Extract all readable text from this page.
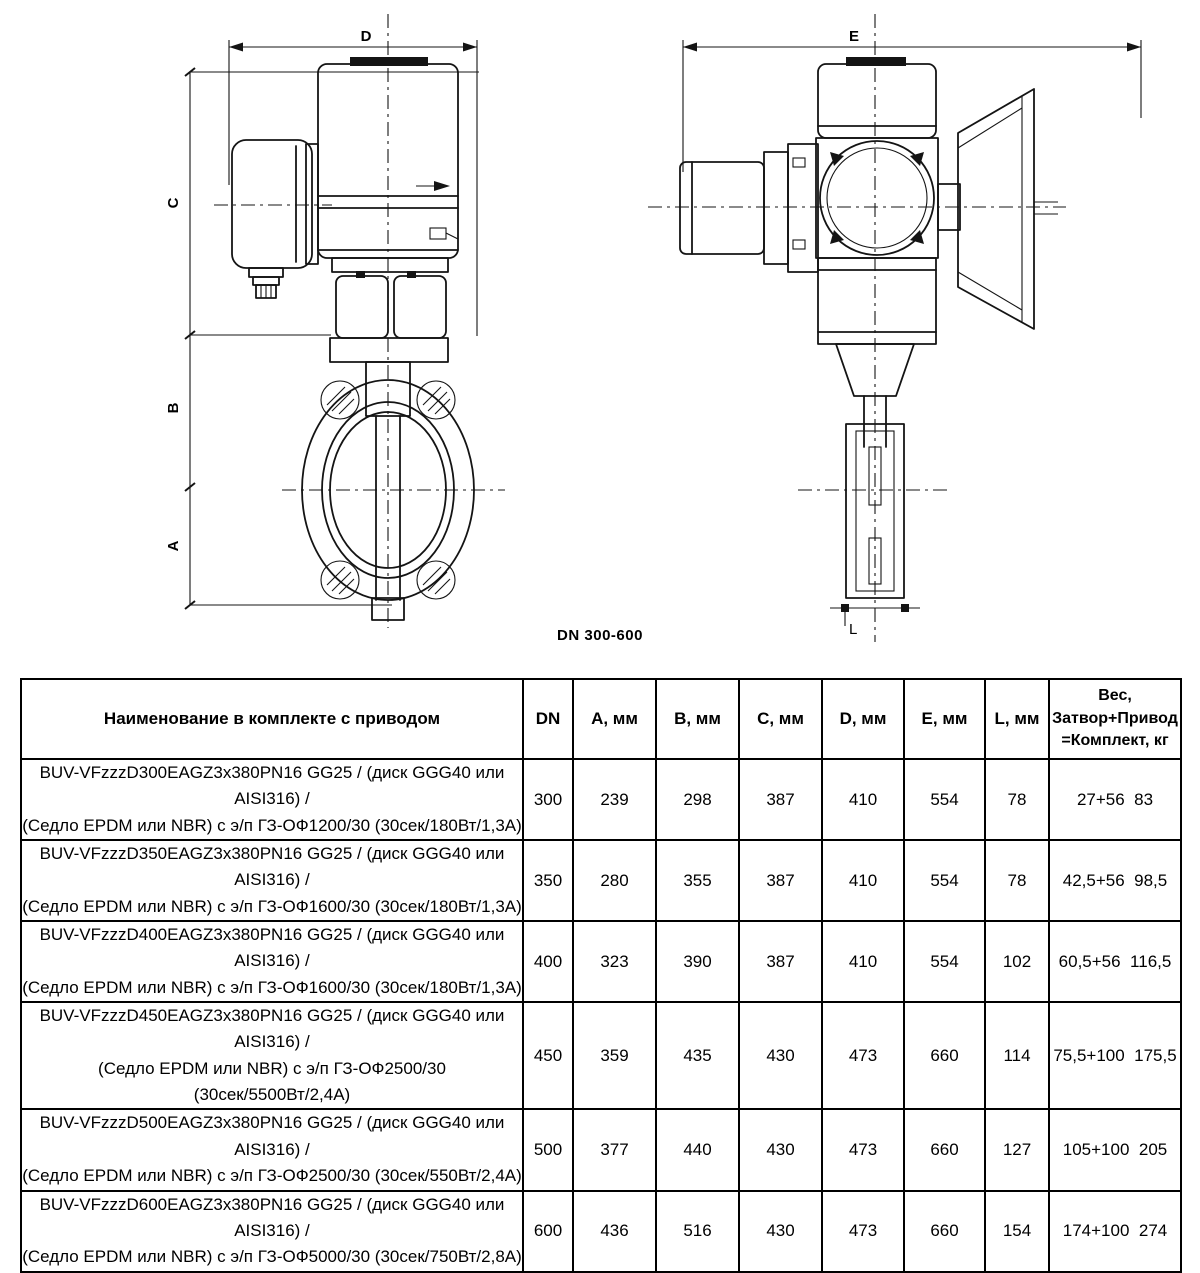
D
C
B
A
E
L
DN 300-600
Наименование в комплекте с приводом	DN	A, мм	B, мм	C, мм	D, мм	E, мм	L, мм	Вес,
Затвор+Привод
=Комплект, кг

BUV-VFzzzD300EAGZ3x380PN16 GG25 / (диск GGG40 или AISI316) /
(Седло EPDM или NBR) с э/п ГЗ-ОФ1200/30 (30сек/180Вт/1,3А)	300	239	298	387	410	554	78	27+56  83

BUV-VFzzzD350EAGZ3x380PN16 GG25 / (диск GGG40 или AISI316) /
(Седло EPDM или NBR) с э/п ГЗ-ОФ1600/30 (30сек/180Вт/1,3А)	350	280	355	387	410	554	78	42,5+56  98,5

BUV-VFzzzD400EAGZ3x380PN16 GG25 / (диск GGG40 или AISI316) /
(Седло EPDM или NBR) с э/п ГЗ-ОФ1600/30 (30сек/180Вт/1,3А)	400	323	390	387	410	554	102	60,5+56  116,5

BUV-VFzzzD450EAGZ3x380PN16 GG25 / (диск GGG40 или AISI316) /
(Седло EPDM или NBR) с э/п ГЗ-ОФ2500/30 (30сек/5500Вт/2,4А)	450	359	435	430	473	660	114	75,5+100  175,5

BUV-VFzzzD500EAGZ3x380PN16 GG25 / (диск GGG40 или AISI316) /
(Седло EPDM или NBR) с э/п ГЗ-ОФ2500/30 (30сек/550Вт/2,4А)	500	377	440	430	473	660	127	105+100  205

BUV-VFzzzD600EAGZ3x380PN16 GG25 / (диск GGG40 или AISI316) /
(Седло EPDM или NBR) с э/п ГЗ-ОФ5000/30 (30сек/750Вт/2,8А)	600	436	516	430	473	660	154	174+100  274
